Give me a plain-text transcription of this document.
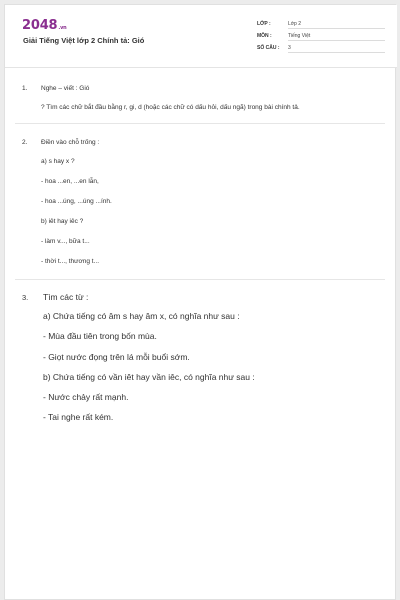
2048.vn
Giải Tiếng Việt lớp 2 Chính tả: Gió
LỚP :	Lớp 2
MÔN :	Tiếng Việt
SỐ CÂU : 3
1. Nghe – viết : Gió
? Tìm các chữ bắt đầu bằng r, gi, d (hoặc các chữ có dấu hỏi, dấu ngã) trong bài chính tả.
2. Điền vào chỗ trống :
a) s hay x ?
- hoa ...en, ...en lẫn,
- hoa ...úng, ...úng ...ính.
b) iêt hay iêc ?
- làm v..., bữa t...
- thời t..., thương t...
3. Tìm các từ :
a) Chứa tiếng có âm s hay âm x, có nghĩa như sau :
- Mùa đầu tiên trong bốn mùa.
- Giọt nước đọng trên lá mỗi buổi sớm.
b) Chứa tiếng có vần iêt hay vần iêc, có nghĩa như sau :
- Nước chảy rất mạnh.
- Tai nghe rất kém.
